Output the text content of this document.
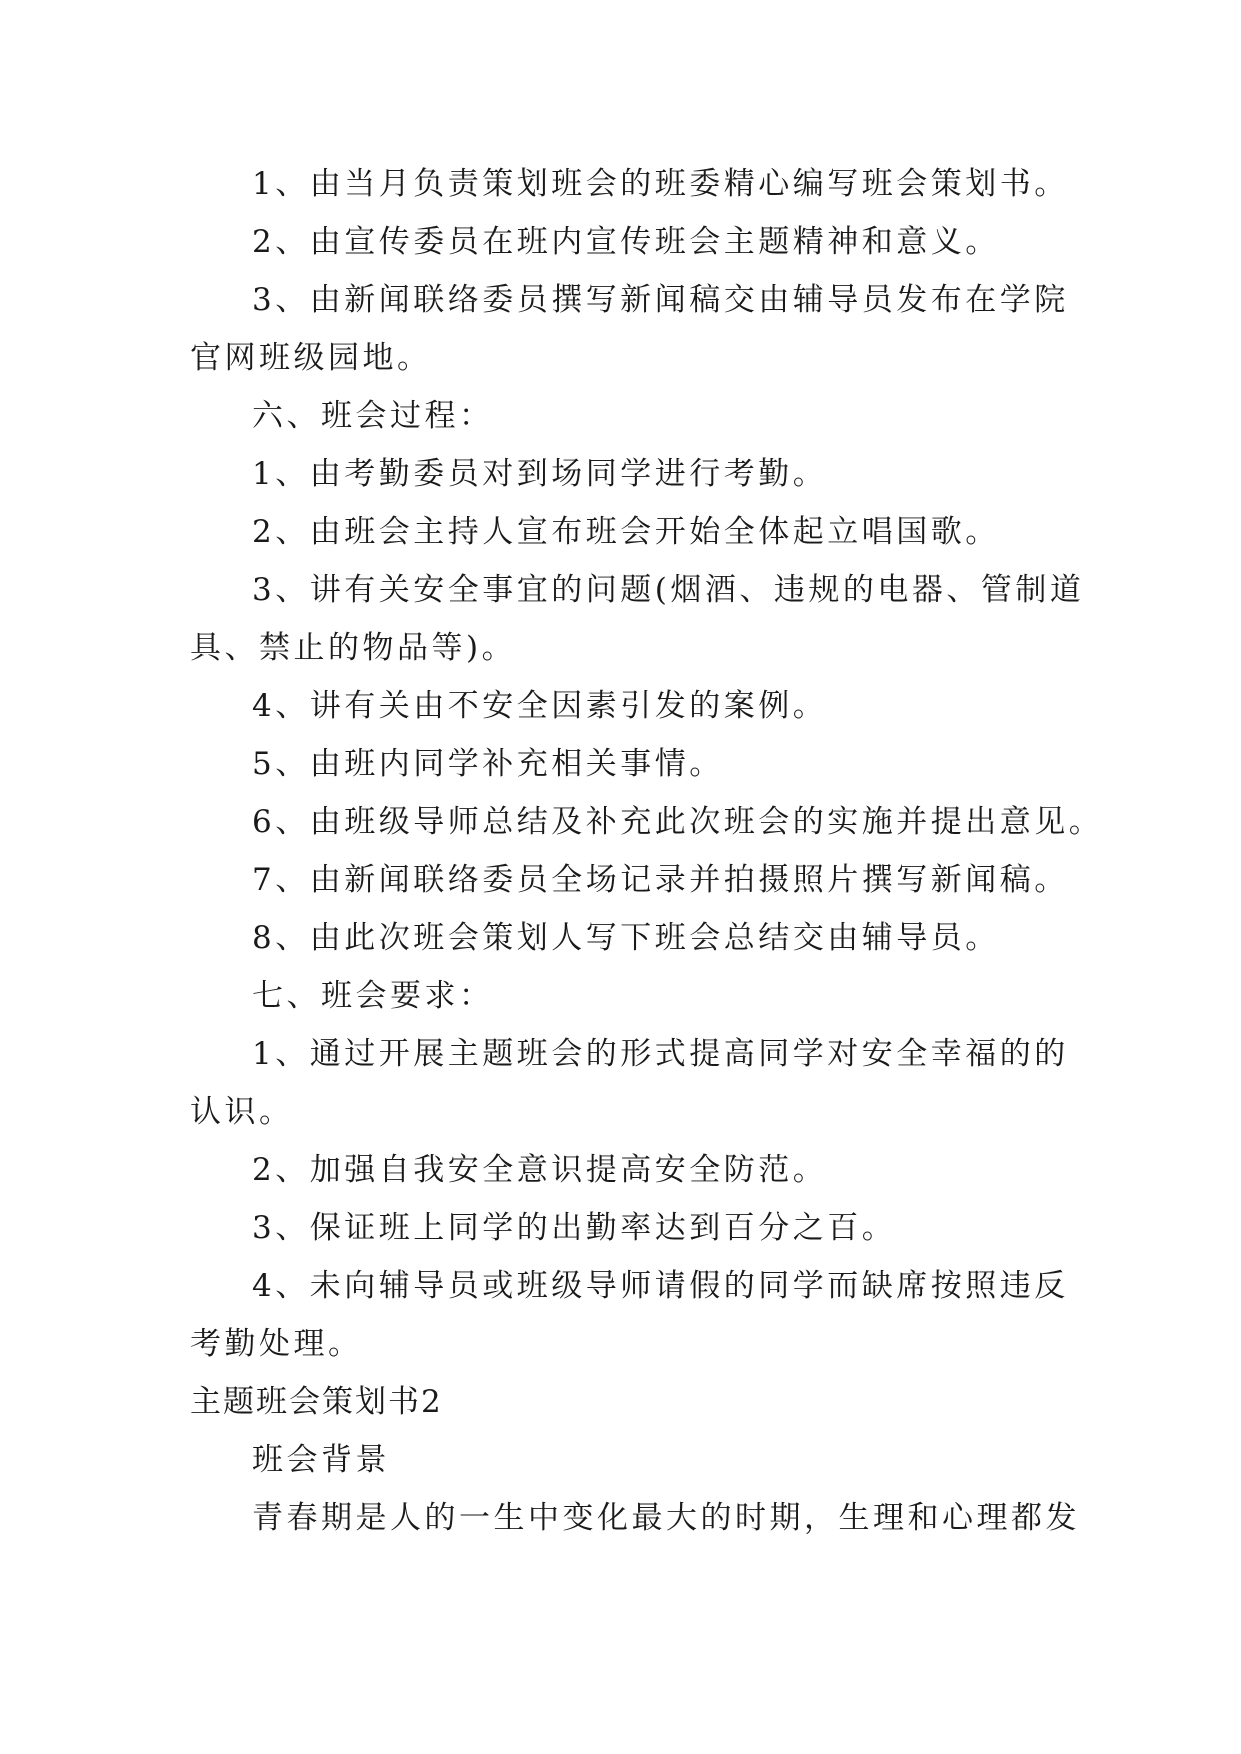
1、由当月负责策划班会的班委精心编写班会策划书。
2、由宣传委员在班内宣传班会主题精神和意义。
3、由新闻联络委员撰写新闻稿交由辅导员发布在学院
官网班级园地。
六、班会过程：
1、由考勤委员对到场同学进行考勤。
2、由班会主持人宣布班会开始全体起立唱国歌。
3、讲有关安全事宜的问题(烟酒、违规的电器、管制道
具、禁止的物品等)。
4、讲有关由不安全因素引发的案例。
5、由班内同学补充相关事情。
6、由班级导师总结及补充此次班会的实施并提出意见。
7、由新闻联络委员全场记录并拍摄照片撰写新闻稿。
8、由此次班会策划人写下班会总结交由辅导员。
七、班会要求：
1、通过开展主题班会的形式提高同学对安全幸福的的
认识。
2、加强自我安全意识提高安全防范。
3、保证班上同学的出勤率达到百分之百。
4、未向辅导员或班级导师请假的同学而缺席按照违反
考勤处理。
主题班会策划书2
班会背景
青春期是人的一生中变化最大的时期，生理和心理都发
